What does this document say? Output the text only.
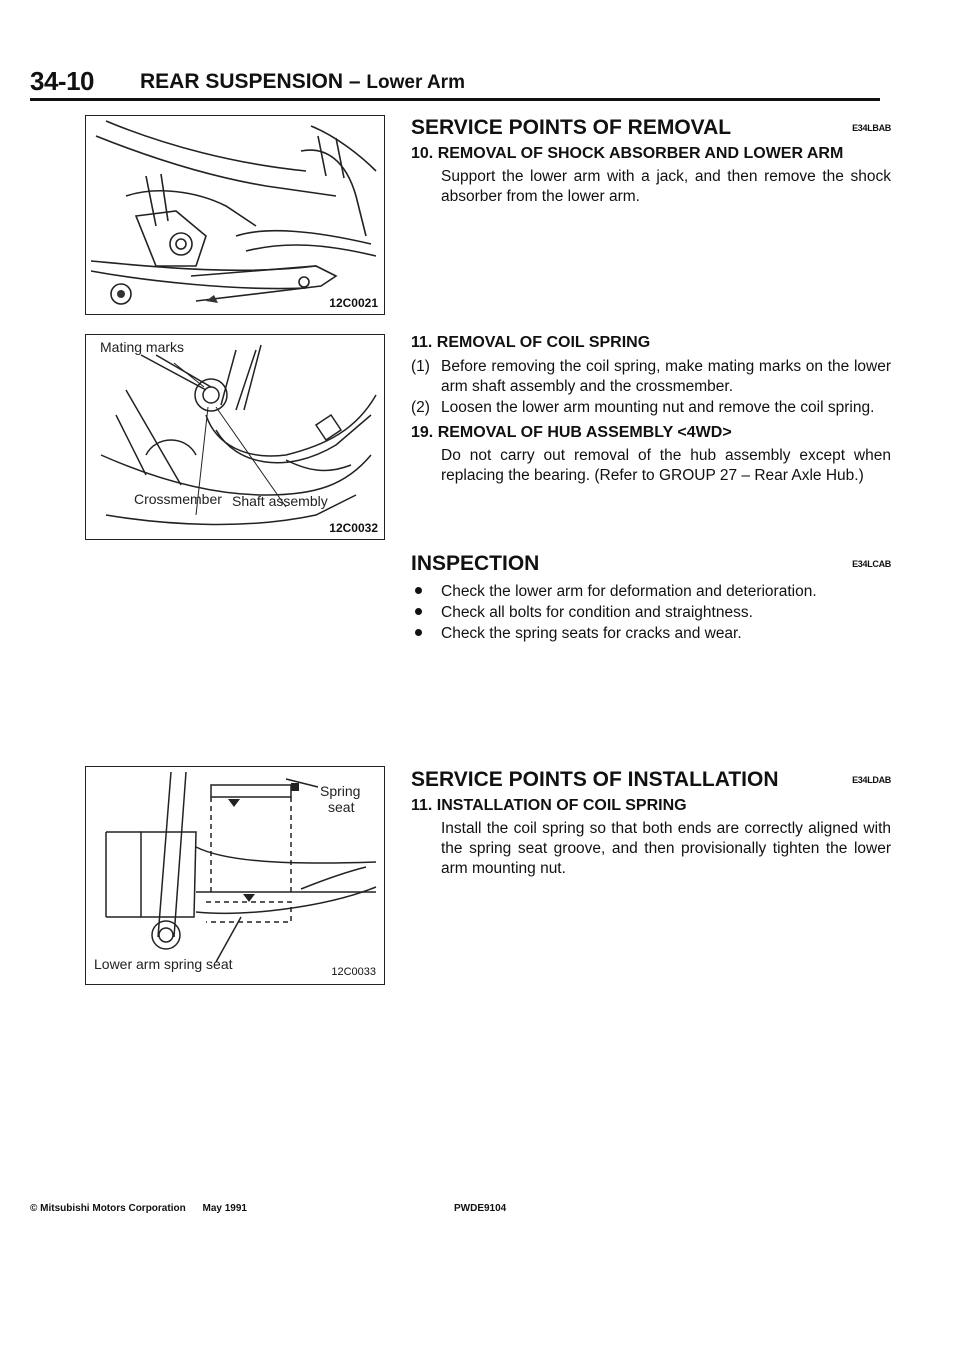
34-10 REAR SUSPENSION – Lower Arm
12C0021
Mating marks
Crossmember Shaft assembly
12C0032
Spring
seat
Lower arm spring seat	12C0033
SERVICE POINTS OF REMOVAL	E34LBAB

10. REMOVAL OF SHOCK ABSORBER AND LOWER ARM

Support the lower arm with a jack, and then remove the shock absorber from the lower arm.

11. REMOVAL OF COIL SPRING

(1) Before removing the coil spring, make mating marks on the lower arm shaft assembly and the crossmember.
(2) Loosen the lower arm mounting nut and remove the coil spring.

19. REMOVAL OF HUB ASSEMBLY <4WD>

Do not carry out removal of the hub assembly except when replacing the bearing. (Refer to GROUP 27 – Rear Axle Hub.)

INSPECTION	E34LCAB
Check the lower arm for deformation and deterioration.
Check all bolts for condition and straightness.
Check the spring seats for cracks and wear.
SERVICE POINTS OF INSTALLATION	E34LDAB

11. INSTALLATION OF COIL SPRING

Install the coil spring so that both ends are correctly aligned with the spring seat groove, and then provisionally tighten the lower arm mounting nut.

© Mitsubishi Motors Corporation May 1991	PWDE9104
